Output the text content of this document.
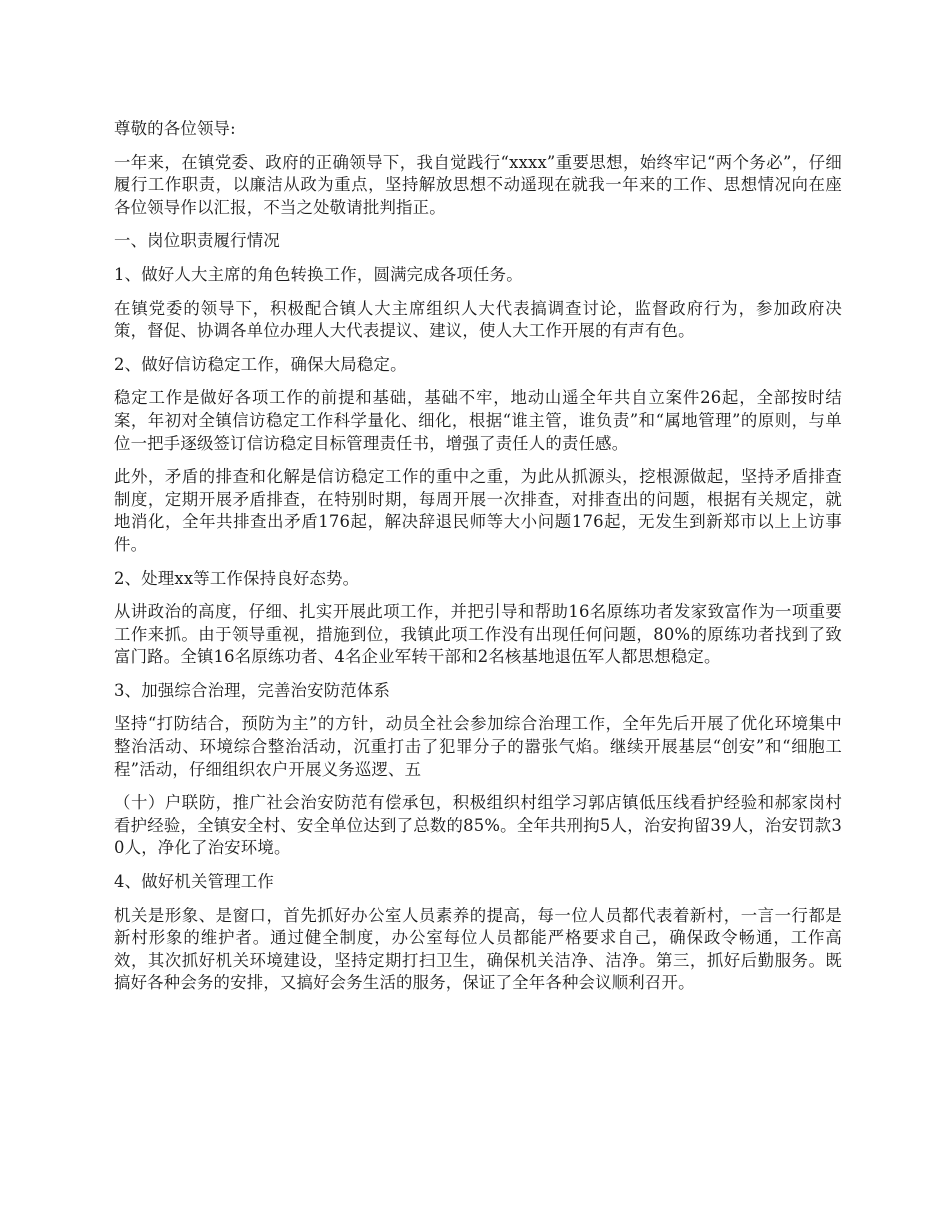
尊敬的各位领导:

一年来，在镇党委、政府的正确领导下，我自觉践行“xxxx”重要思想，始终牢记“两个务必”，仔细履行工作职责，以廉洁从政为重点，坚持解放思想不动遥现在就我一年来的工作、思想情况向在座各位领导作以汇报，不当之处敬请批判指正。

一、岗位职责履行情况

1、做好人大主席的角色转换工作，圆满完成各项任务。

在镇党委的领导下，积极配合镇人大主席组织人大代表搞调查讨论，监督政府行为，参加政府决策，督促、协调各单位办理人大代表提议、建议，使人大工作开展的有声有色。

2、做好信访稳定工作，确保大局稳定。

稳定工作是做好各项工作的前提和基础，基础不牢，地动山遥全年共自立案件26起，全部按时结案，年初对全镇信访稳定工作科学量化、细化，根据“谁主管，谁负责”和“属地管理”的原则，与单位一把手逐级签订信访稳定目标管理责任书，增强了责任人的责任感。

此外，矛盾的排查和化解是信访稳定工作的重中之重，为此从抓源头，挖根源做起，坚持矛盾排查制度，定期开展矛盾排查，在特别时期，每周开展一次排查，对排查出的问题，根据有关规定，就地消化，全年共排查出矛盾176起，解决辞退民师等大小问题176起，无发生到新郑市以上上访事件。

2、处理xx等工作保持良好态势。

从讲政治的高度，仔细、扎实开展此项工作，并把引导和帮助16名原练功者发家致富作为一项重要工作来抓。由于领导重视，措施到位，我镇此项工作没有出现任何问题，80%的原练功者找到了致富门路。全镇16名原练功者、4名企业军转干部和2名核基地退伍军人都思想稳定。

3、加强综合治理，完善治安防范体系

坚持“打防结合，预防为主”的方针，动员全社会参加综合治理工作，全年先后开展了优化环境集中整治活动、环境综合整治活动，沉重打击了犯罪分子的嚣张气焰。继续开展基层“创安”和“细胞工程”活动，仔细组织农户开展义务巡逻、五

（十）户联防，推广社会治安防范有偿承包，积极组织村组学习郭店镇低压线看护经验和郝家岗村看护经验，全镇安全村、安全单位达到了总数的85%。全年共刑拘5人，治安拘留39人，治安罚款30人，净化了治安环境。

4、做好机关管理工作

机关是形象、是窗口，首先抓好办公室人员素养的提高，每一位人员都代表着新村，一言一行都是新村形象的维护者。通过健全制度，办公室每位人员都能严格要求自己，确保政令畅通，工作高效，其次抓好机关环境建设，坚持定期打扫卫生，确保机关洁净、洁净。第三，抓好后勤服务。既搞好各种会务的安排，又搞好会务生活的服务，保证了全年各种会议顺利召开。
